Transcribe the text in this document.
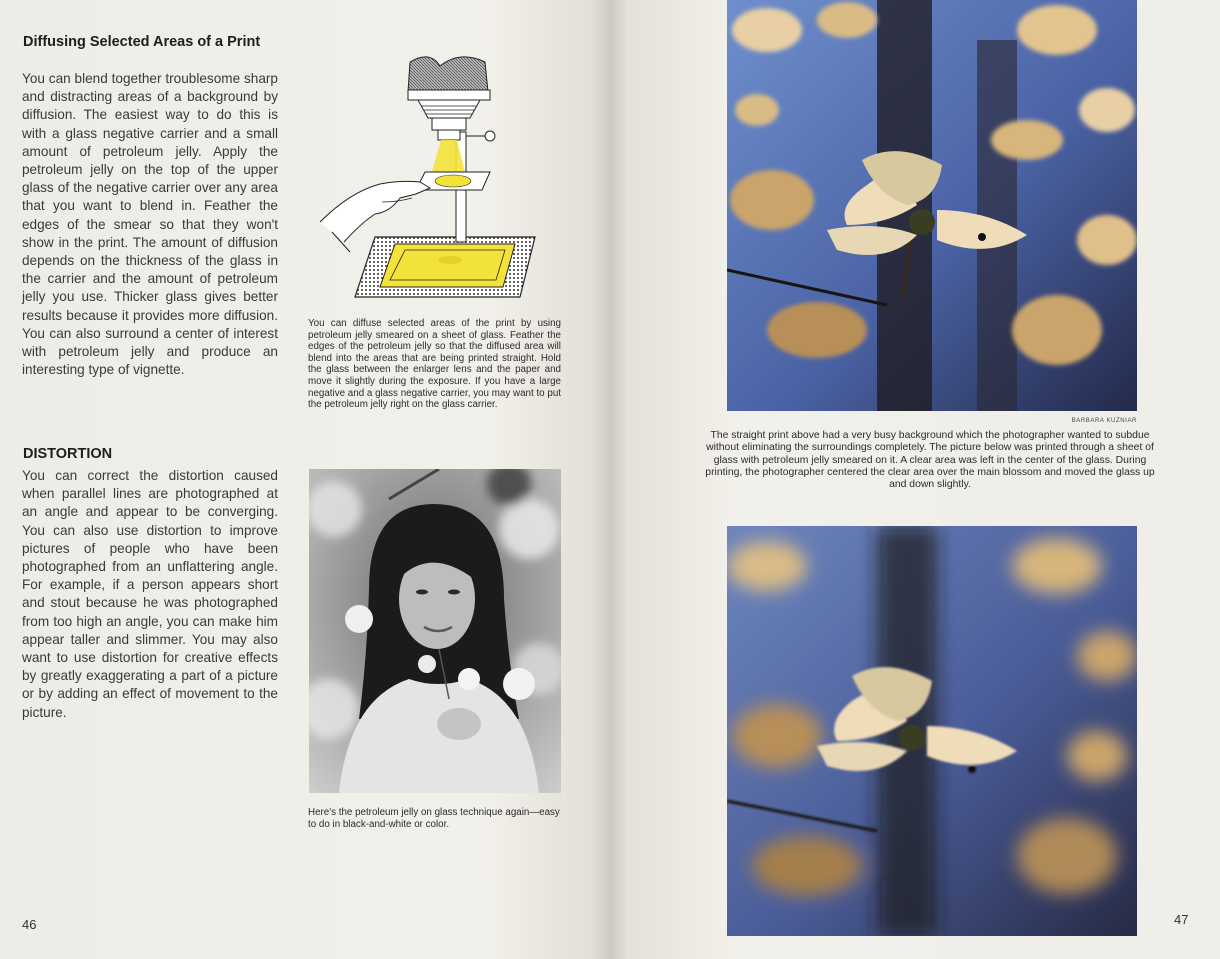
Diffusing Selected Areas of a Print
You can blend together troublesome sharp and distracting areas of a background by diffusion. The easiest way to do this is with a glass negative carrier and a small amount of petroleum jelly. Apply the petroleum jelly on the top of the upper glass of the negative carrier over any area that you want to blend in. Feather the edges of the smear so that they won't show in the print. The amount of diffusion depends on the thickness of the glass in the carrier and the amount of petroleum jelly you use. Thicker glass gives better results because it provides more diffusion. You can also surround a center of interest with petroleum jelly and produce an interesting type of vignette.
DISTORTION
You can correct the distortion caused when parallel lines are photographed at an angle and appear to be converging. You can also use distortion to improve pictures of people who have been photographed from an unflattering angle. For example, if a person appears short and stout because he was photographed from too high an angle, you can make him appear taller and slimmer. You may also want to use distortion for creative effects by greatly exaggerating a part of a picture or by adding an effect of movement to the picture.
You can diffuse selected areas of the print by using petroleum jelly smeared on a sheet of glass. Feather the edges of the petroleum jelly so that the diffused area will blend into the areas that are being printed straight. Hold the glass between the enlarger lens and the paper and move it slightly during the exposure. If you have a large negative and a glass negative carrier, you may want to put the petroleum jelly right on the glass carrier.
Here's the petroleum jelly on glass technique again—easy to do in black-and-white or color.
46
BARBARA KUZNIAR
The straight print above had a very busy background which the photographer wanted to subdue without eliminating the surroundings completely. The picture below was printed through a sheet of glass with petroleum jelly smeared on it. A clear area was left in the center of the glass. During printing, the photographer centered the clear area over the main blossom and moved the glass up and down slightly.
47
